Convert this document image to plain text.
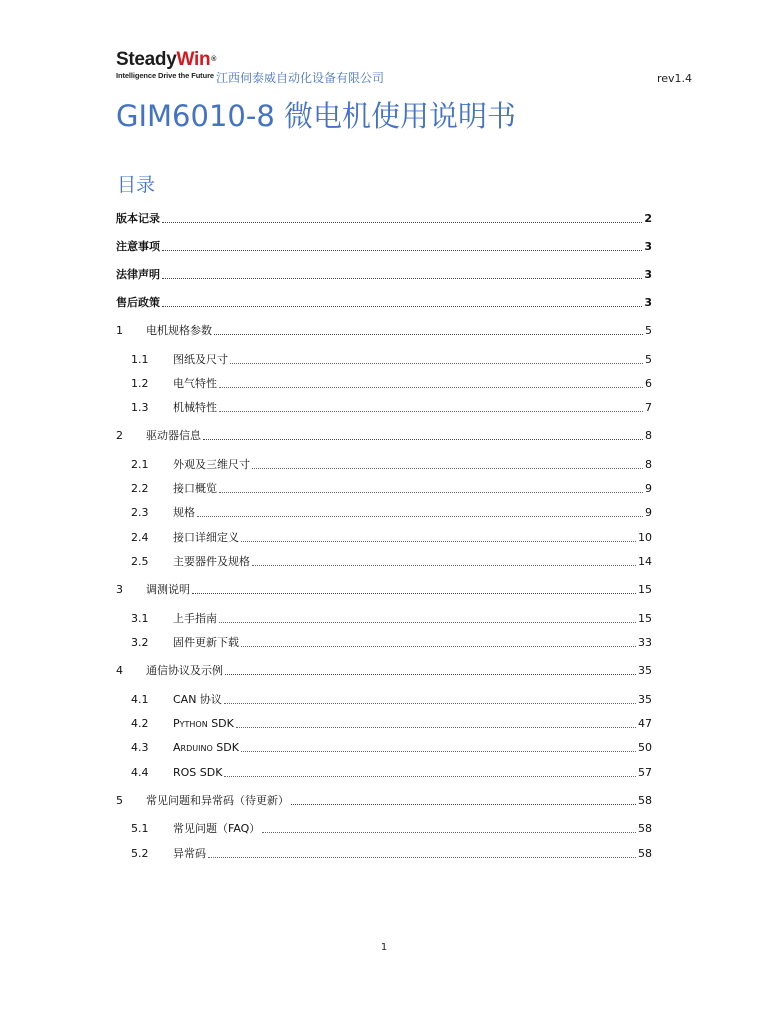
SteadyWin®
Intelligence Drive the Future 江西伺泰威自动化设备有限公司	rev1.4
GIM6010-8 微电机使用说明书
目录
版本记录	2
注意事项	3
法律声明	3
售后政策	3
1	电机规格参数	5
1.1	图纸及尺寸	5
1.2	电气特性	6
1.3	机械特性	7
2	驱动器信息	8
2.1	外观及三维尺寸	8
2.2	接口概览	9
2.3	规格	9
2.4	接口详细定义	10
2.5	主要器件及规格	14
3	调测说明	15
3.1	上手指南	15
3.2	固件更新下载	33
4	通信协议及示例	35
4.1	CAN 协议	35
4.2	Python SDK	47
4.3	Arduino SDK	50
4.4	ROS SDK	57
5	常见问题和异常码（待更新）	58
5.1	常见问题（FAQ）	58
5.2	异常码	58
1
